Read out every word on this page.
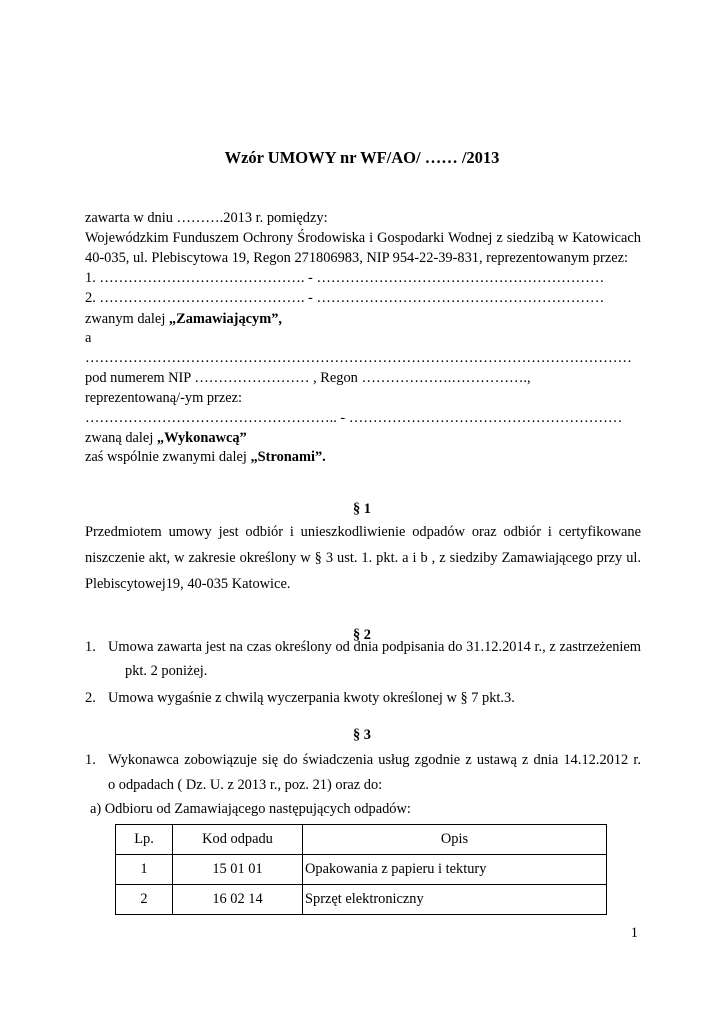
Wzór UMOWY nr WF/AO/ …… /2013
zawarta w dniu ……….2013 r. pomiędzy:
Wojewódzkim Funduszem Ochrony Środowiska i Gospodarki Wodnej z siedzibą w Katowicach
40-035, ul. Plebiscytowa 19, Regon 271806983, NIP 954-22-39-831, reprezentowanym przez:
1. ……………………………………. - ……………………………………………………
2. ……………………………………. - ……………………………………………………
zwanym dalej „Zamawiającym”,
a
……………………………………………………………………………………………………
pod numerem NIP …………………… , Regon ……………….…………….,
reprezentowaną/-ym przez:
…………………………………………….. - …………………………………………………
zwaną dalej „Wykonawcą”
zaś wspólnie zwanymi dalej „Stronami”.
§ 1
Przedmiotem umowy jest odbiór i unieszkodliwienie odpadów oraz odbiór i certyfikowane
niszczenie akt, w zakresie określony w § 3 ust. 1. pkt. a i b , z siedziby Zamawiającego przy ul.
Plebiscytowej19, 40-035 Katowice.
§ 2
1. Umowa zawarta jest na czas określony od dnia podpisania do 31.12.2014 r., z zastrzeżeniem
pkt. 2 poniżej.
2. Umowa wygaśnie z chwilą wyczerpania kwoty określonej w § 7 pkt.3.
§ 3
1. Wykonawca zobowiązuje się do świadczenia usług zgodnie z ustawą z dnia 14.12.2012 r.
o odpadach ( Dz. U. z 2013 r., poz. 21) oraz do:
a) Odbioru od Zamawiającego następujących odpadów:
Lp.	Kod odpadu	Opis
1	15 01 01	Opakowania z papieru i tektury
2	16 02 14	Sprzęt elektroniczny
1
